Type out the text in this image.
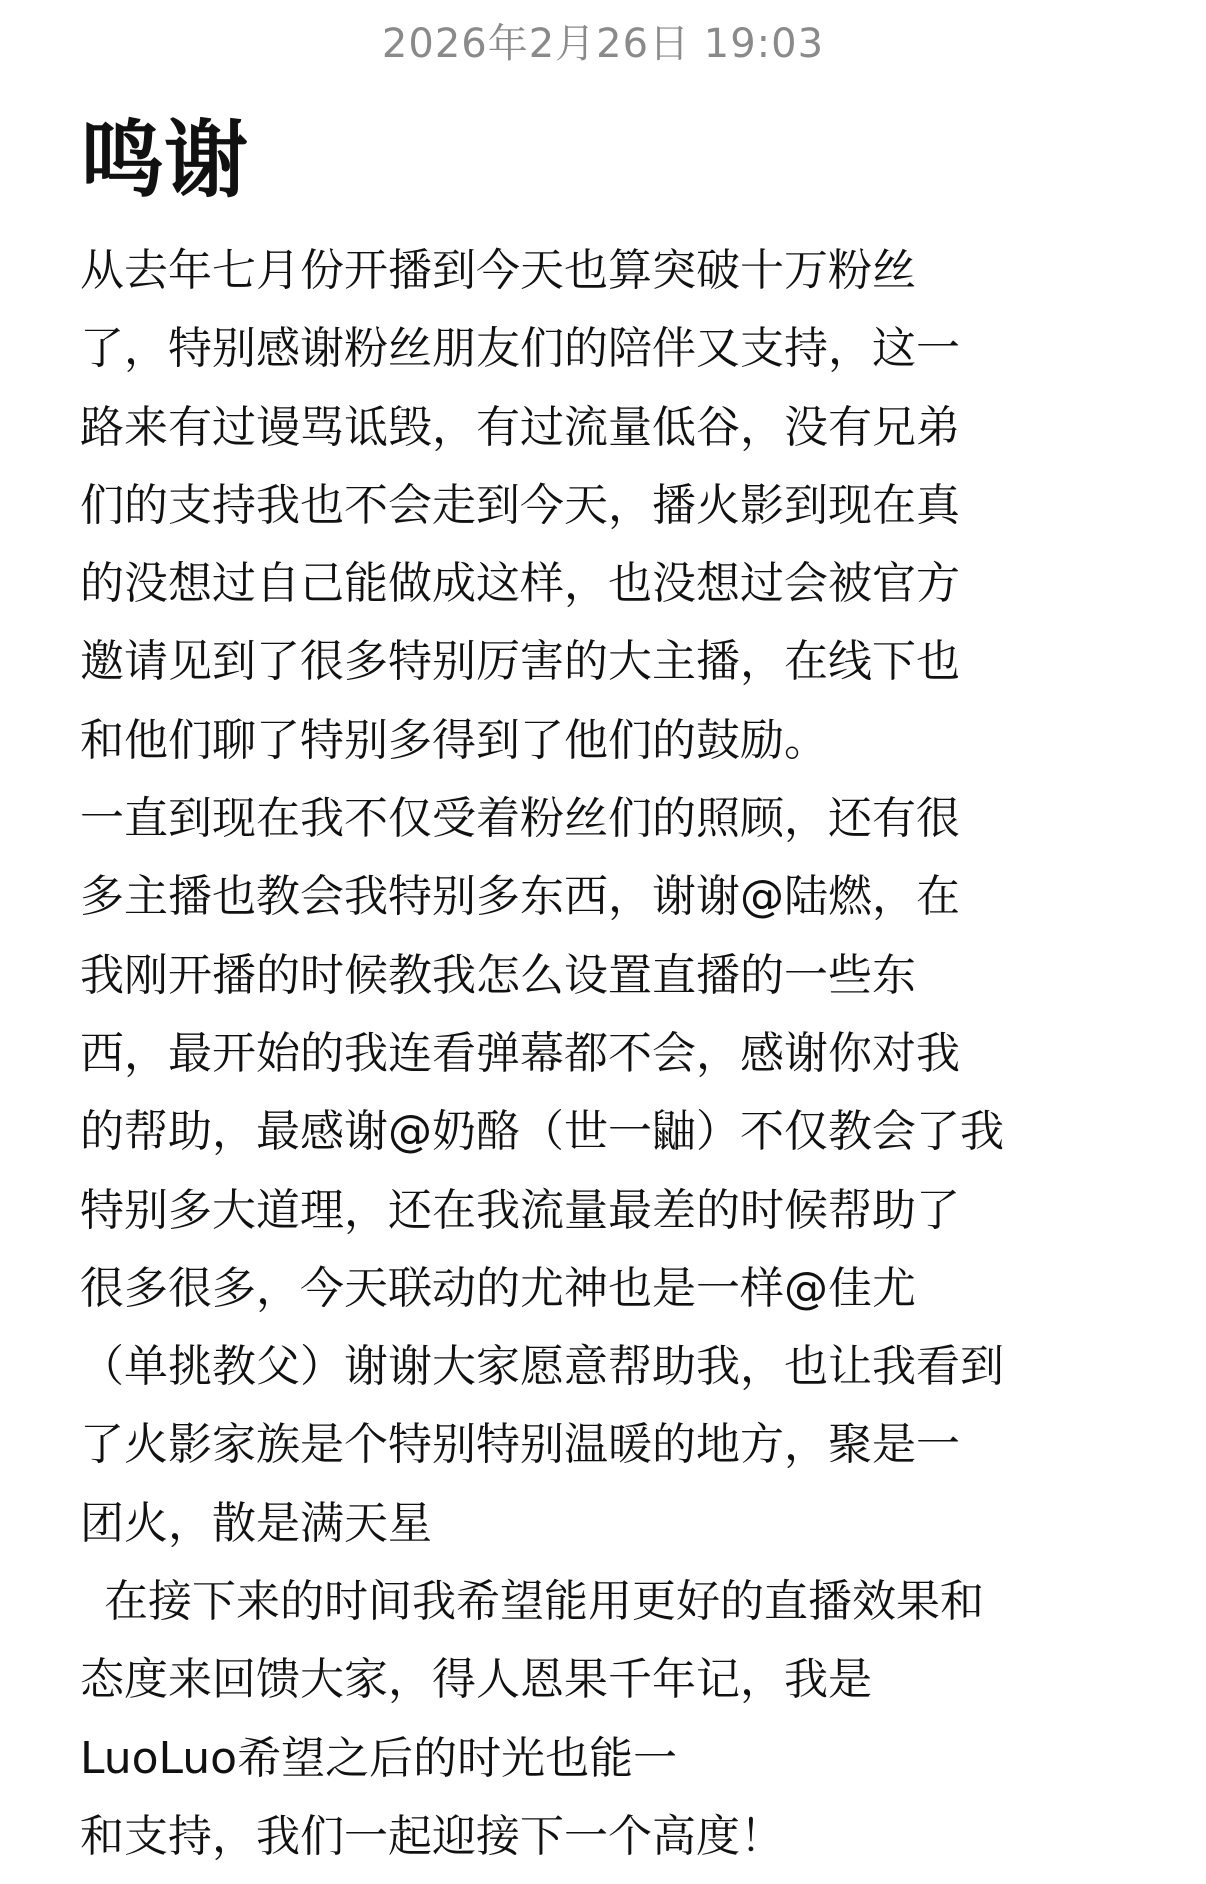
2026年2月26日 19:03
鸣谢
从去年七月份开播到今天也算突破十万粉丝
了，特别感谢粉丝朋友们的陪伴又支持，这一
路来有过谩骂诋毁，有过流量低谷，没有兄弟
们的支持我也不会走到今天，播火影到现在真
的没想过自己能做成这样，也没想过会被官方
邀请见到了很多特别厉害的大主播，在线下也
和他们聊了特别多得到了他们的鼓励。
一直到现在我不仅受着粉丝们的照顾，还有很
多主播也教会我特别多东西，谢谢@陆燃，在
我刚开播的时候教我怎么设置直播的一些东
西，最开始的我连看弹幕都不会，感谢你对我
的帮助，最感谢@奶酪（世一鼬）不仅教会了我
特别多大道理，还在我流量最差的时候帮助了
很多很多，今天联动的尤神也是一样@佳尤
（单挑教父）谢谢大家愿意帮助我，也让我看到
了火影家族是个特别特别温暖的地方，聚是一
团火，散是满天星
在接下来的时间我希望能用更好的直播效果和
态度来回馈大家，得人恩果千年记，我是
LuoLuo希望之后的时光也能一
和支持，我们一起迎接下一个高度！
